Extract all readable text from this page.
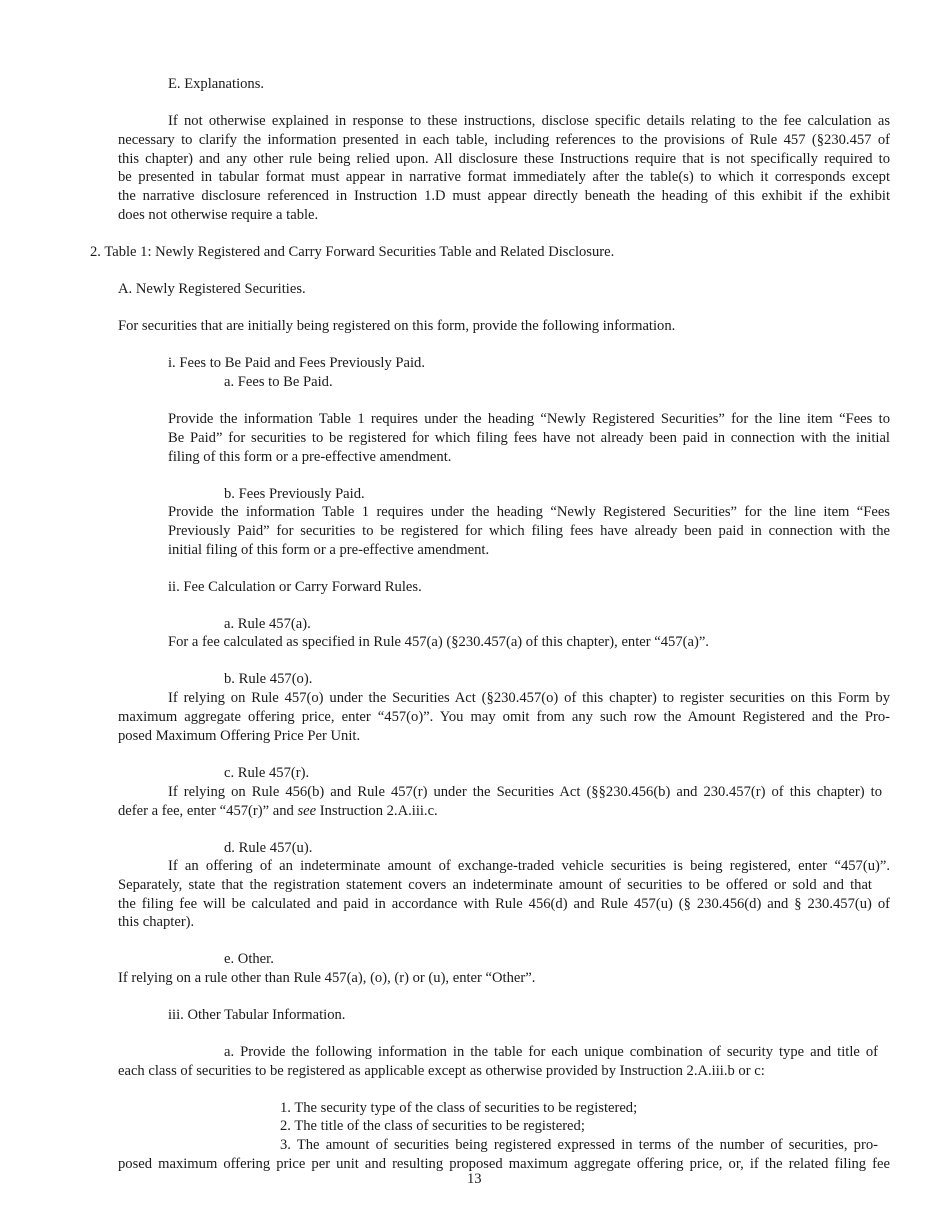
E. Explanations.
If not otherwise explained in response to these instructions, disclose specific details relating to the fee calculation as
necessary to clarify the information presented in each table, including references to the provisions of Rule 457 (§230.457 of
this chapter) and any other rule being relied upon. All disclosure these Instructions require that is not specifically required to
be presented in tabular format must appear in narrative format immediately after the table(s) to which it corresponds except
the narrative disclosure referenced in Instruction 1.D must appear directly beneath the heading of this exhibit if the exhibit
does not otherwise require a table.
2. Table 1: Newly Registered and Carry Forward Securities Table and Related Disclosure.
A. Newly Registered Securities.
For securities that are initially being registered on this form, provide the following information.
i. Fees to Be Paid and Fees Previously Paid.
a. Fees to Be Paid.
Provide the information Table 1 requires under the heading “Newly Registered Securities” for the line item “Fees to
Be Paid” for securities to be registered for which filing fees have not already been paid in connection with the initial
filing of this form or a pre-effective amendment.
b. Fees Previously Paid.
Provide the information Table 1 requires under the heading “Newly Registered Securities” for the line item “Fees
Previously Paid” for securities to be registered for which filing fees have already been paid in connection with the
initial filing of this form or a pre-effective amendment.
ii. Fee Calculation or Carry Forward Rules.
a. Rule 457(a).
For a fee calculated as specified in Rule 457(a) (§230.457(a) of this chapter), enter “457(a)”.
b. Rule 457(o).
If relying on Rule 457(o) under the Securities Act (§230.457(o) of this chapter) to register securities on this Form by
maximum aggregate offering price, enter “457(o)”. You may omit from any such row the Amount Registered and the Pro-
posed Maximum Offering Price Per Unit.
c. Rule 457(r).
If relying on Rule 456(b) and Rule 457(r) under the Securities Act (§§230.456(b) and 230.457(r) of this chapter) to
defer a fee, enter “457(r)” and see Instruction 2.A.iii.c.
d. Rule 457(u).
If an offering of an indeterminate amount of exchange-traded vehicle securities is being registered, enter “457(u)”.
Separately, state that the registration statement covers an indeterminate amount of securities to be offered or sold and that
the filing fee will be calculated and paid in accordance with Rule 456(d) and Rule 457(u) (§ 230.456(d) and § 230.457(u) of
this chapter).
e. Other.
If relying on a rule other than Rule 457(a), (o), (r) or (u), enter “Other”.
iii. Other Tabular Information.
a. Provide the following information in the table for each unique combination of security type and title of
each class of securities to be registered as applicable except as otherwise provided by Instruction 2.A.iii.b or c:
1. The security type of the class of securities to be registered;
2. The title of the class of securities to be registered;
3. The amount of securities being registered expressed in terms of the number of securities, pro-
posed maximum offering price per unit and resulting proposed maximum aggregate offering price, or, if the related filing fee
13
